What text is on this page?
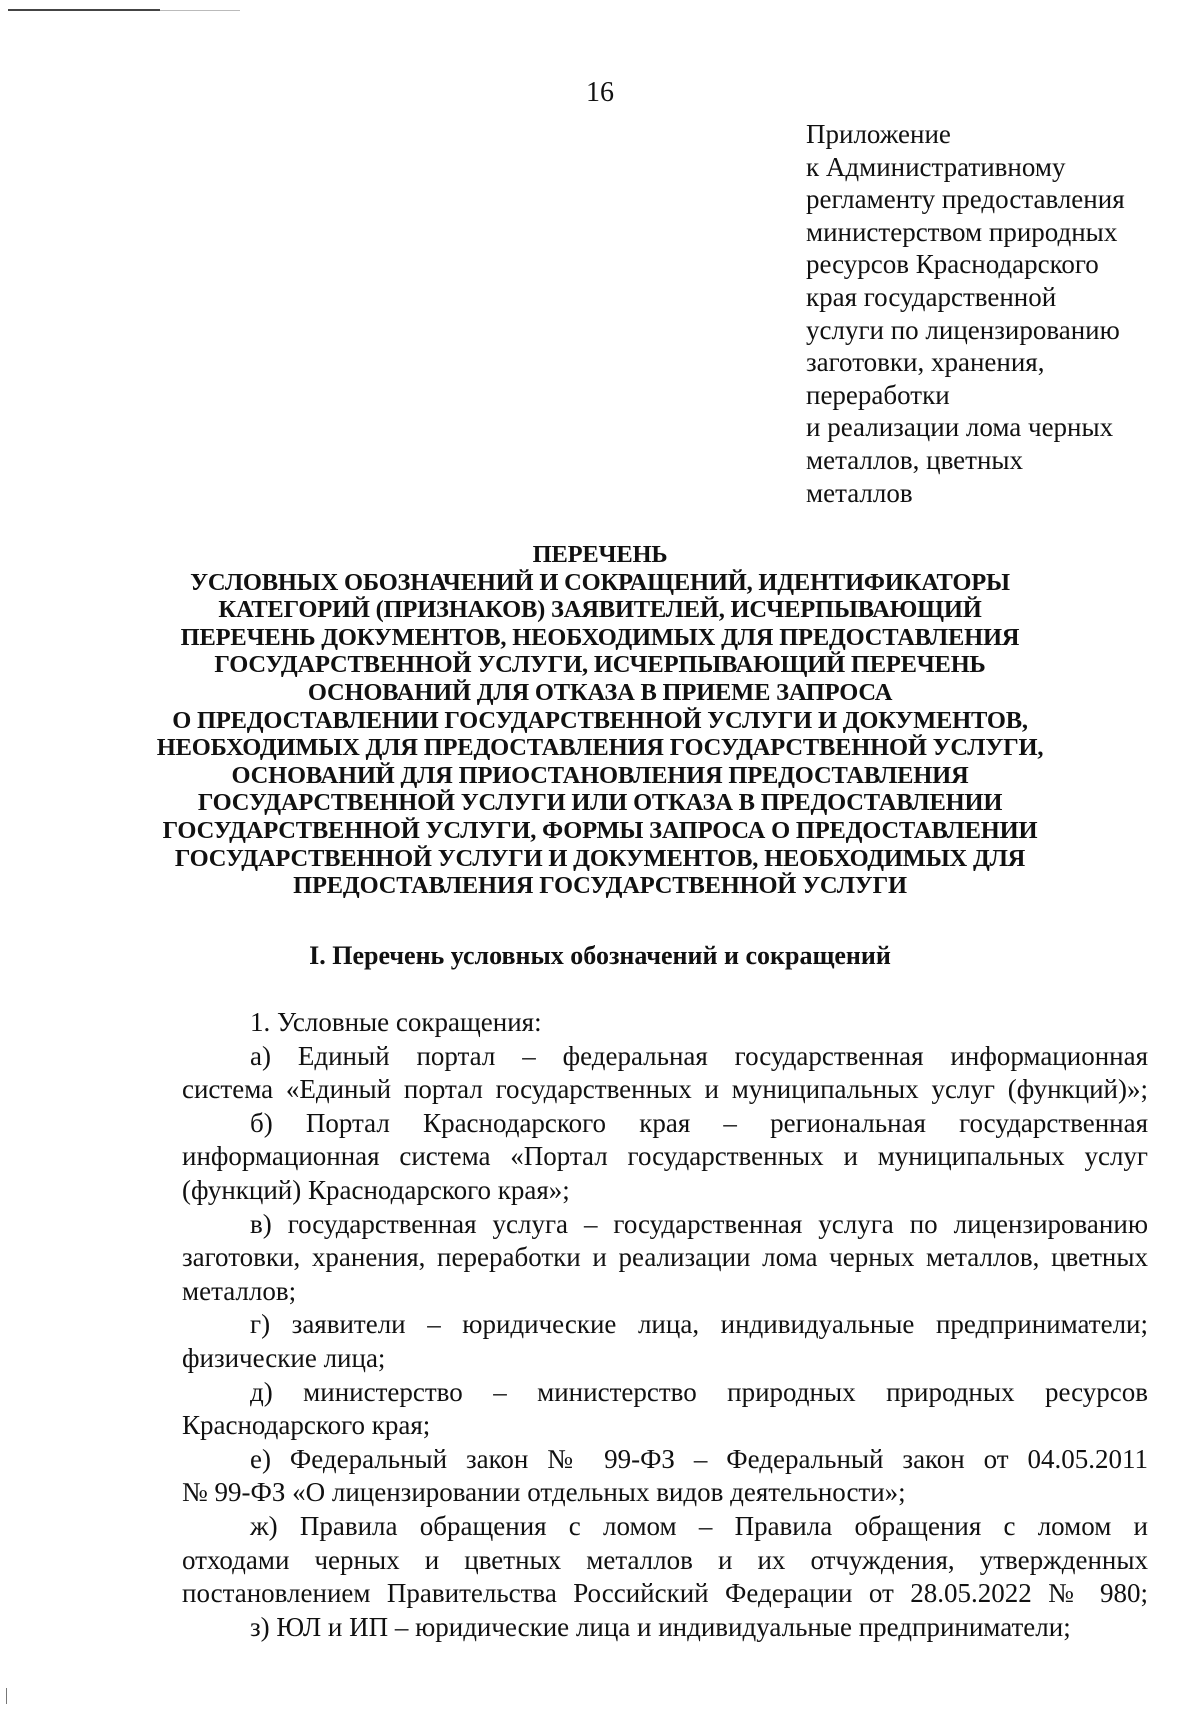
16
Приложение
к Административному
регламенту предоставления
министерством природных
ресурсов Краснодарского
края государственной
услуги по лицензированию
заготовки, хранения,
переработки
и реализации лома черных
металлов, цветных
металлов
ПЕРЕЧЕНЬ
УСЛОВНЫХ ОБОЗНАЧЕНИЙ И СОКРАЩЕНИЙ, ИДЕНТИФИКАТОРЫ
КАТЕГОРИЙ (ПРИЗНАКОВ) ЗАЯВИТЕЛЕЙ, ИСЧЕРПЫВАЮЩИЙ
ПЕРЕЧЕНЬ ДОКУМЕНТОВ, НЕОБХОДИМЫХ ДЛЯ ПРЕДОСТАВЛЕНИЯ
ГОСУДАРСТВЕННОЙ УСЛУГИ, ИСЧЕРПЫВАЮЩИЙ ПЕРЕЧЕНЬ
ОСНОВАНИЙ ДЛЯ ОТКАЗА В ПРИЕМЕ ЗАПРОСА
О ПРЕДОСТАВЛЕНИИ ГОСУДАРСТВЕННОЙ УСЛУГИ И ДОКУМЕНТОВ,
НЕОБХОДИМЫХ ДЛЯ ПРЕДОСТАВЛЕНИЯ ГОСУДАРСТВЕННОЙ УСЛУГИ,
ОСНОВАНИЙ ДЛЯ ПРИОСТАНОВЛЕНИЯ ПРЕДОСТАВЛЕНИЯ
ГОСУДАРСТВЕННОЙ УСЛУГИ ИЛИ ОТКАЗА В ПРЕДОСТАВЛЕНИИ
ГОСУДАРСТВЕННОЙ УСЛУГИ, ФОРМЫ ЗАПРОСА О ПРЕДОСТАВЛЕНИИ
ГОСУДАРСТВЕННОЙ УСЛУГИ И ДОКУМЕНТОВ, НЕОБХОДИМЫХ ДЛЯ
ПРЕДОСТАВЛЕНИЯ ГОСУДАРСТВЕННОЙ УСЛУГИ
I. Перечень условных обозначений и сокращений
1. Условные сокращения:
а) Единый портал – федеральная государственная информационная
система «Единый портал государственных и муниципальных услуг (функций)»;
б) Портал Краснодарского края – региональная государственная
информационная система «Портал государственных и муниципальных услуг
(функций) Краснодарского края»;
в) государственная услуга – государственная услуга по лицензированию
заготовки, хранения, переработки и реализации лома черных металлов, цветных
металлов;
г) заявители – юридические лица, индивидуальные предприниматели;
физические лица;
д) министерство – министерство природных природных ресурсов
Краснодарского края;
е) Федеральный закон № 99-ФЗ – Федеральный закон от 04.05.2011
№ 99-ФЗ «О лицензировании отдельных видов деятельности»;
ж) Правила обращения с ломом – Правила обращения с ломом и
отходами черных и цветных металлов и их отчуждения, утвержденных
постановлением Правительства Российский Федерации от 28.05.2022 № 980;
з) ЮЛ и ИП – юридические лица и индивидуальные предприниматели;
